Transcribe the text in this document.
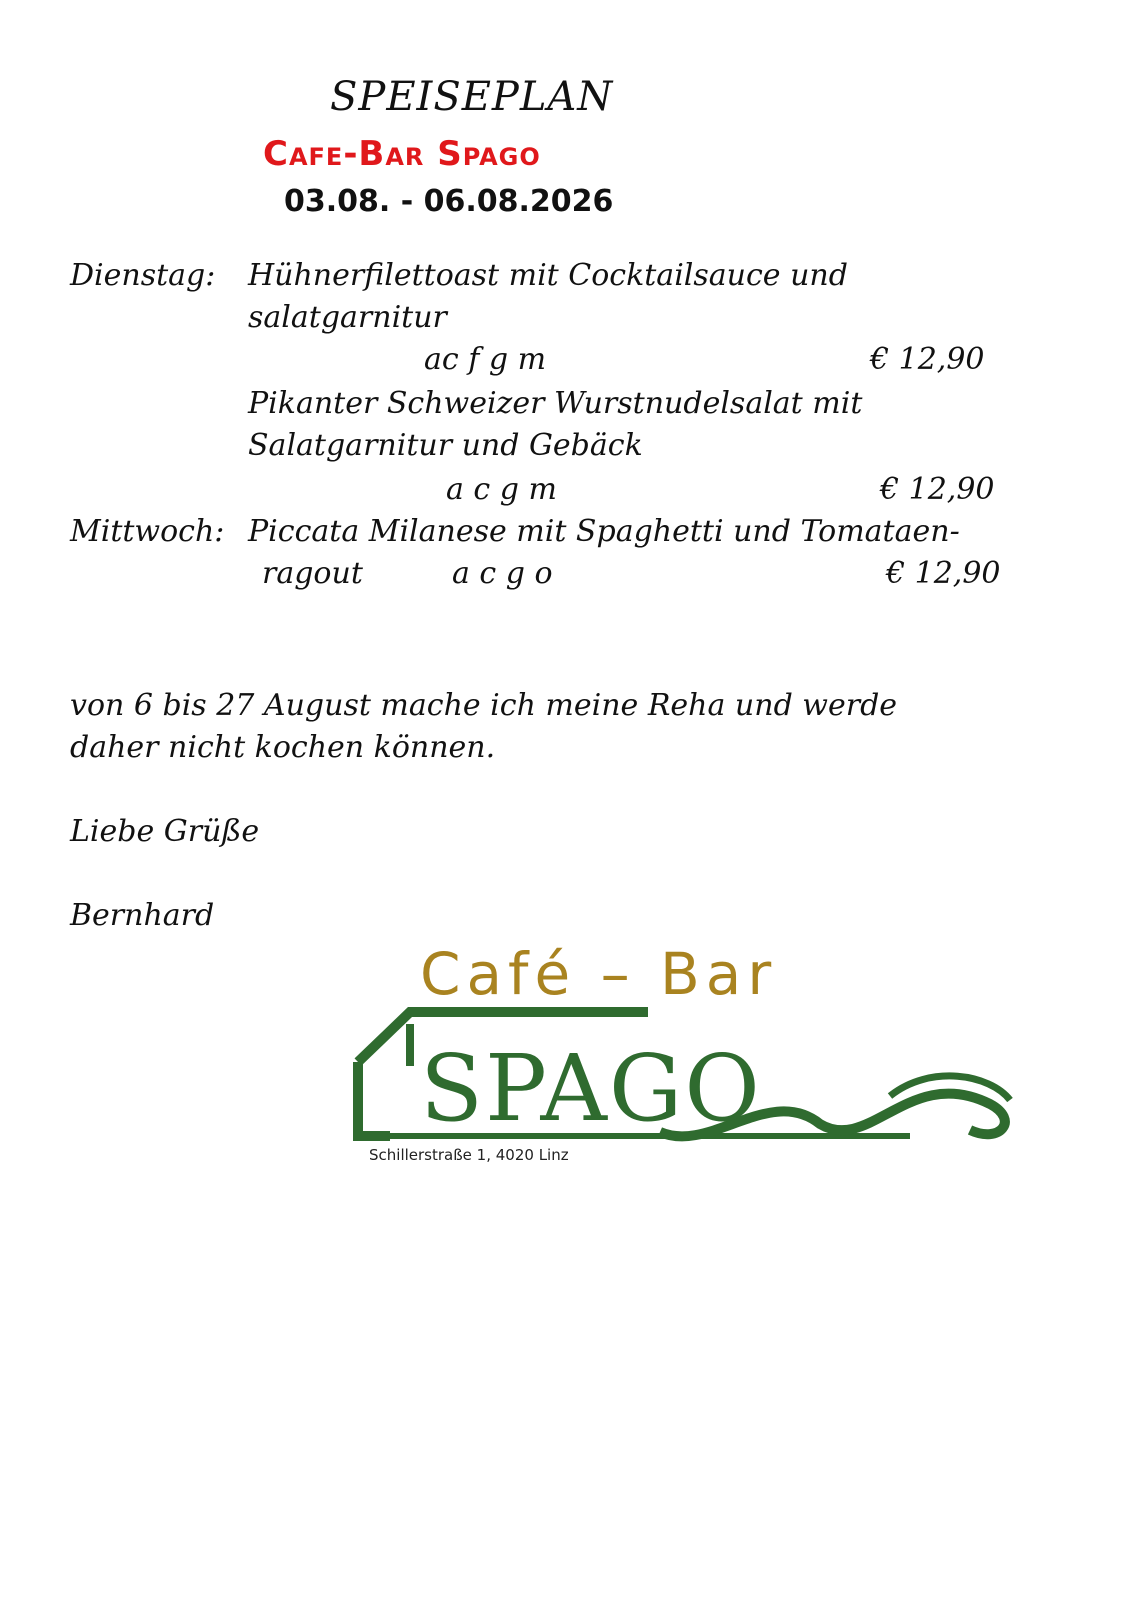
SPEISEPLAN
Cafe-Bar Spago
03.08. - 06.08.2026
Dienstag: Hühnerfilettoast mit Cocktailsauce und
salatgarnitur
ac f g m	€ 12,90
Pikanter Schweizer Wurstnudelsalat mit
Salatgarnitur und Gebäck
a c g m	€ 12,90
Mittwoch: Piccata Milanese mit Spaghetti und Tomataen-
ragout	a c g o	€ 12,90
von 6 bis 27 August mache ich meine Reha und werde
daher nicht kochen können.
Liebe Grüße
Bernhard
Café – Bar
SPAGO
Schillerstraße 1, 4020 Linz
